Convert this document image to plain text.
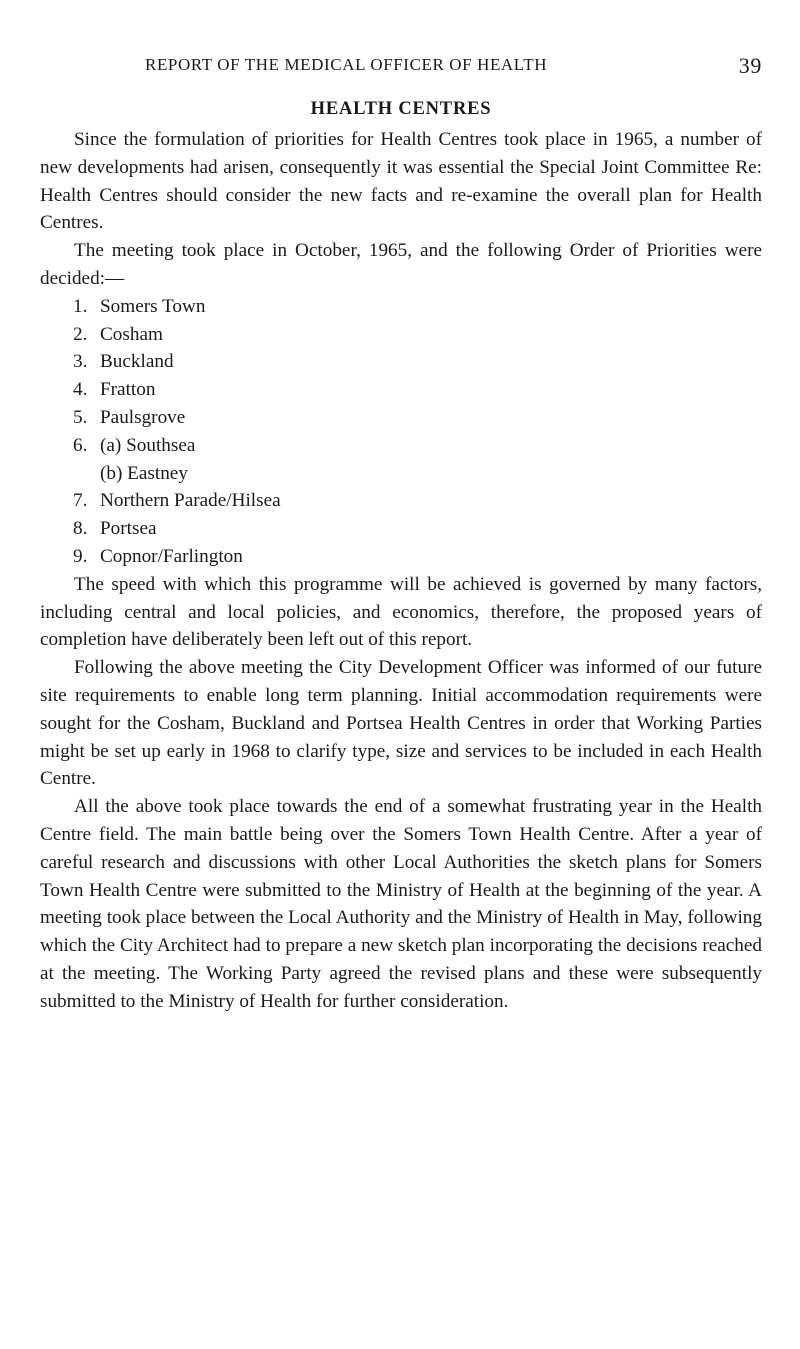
REPORT OF THE MEDICAL OFFICER OF HEALTH	39
HEALTH CENTRES

Since the formulation of priorities for Health Centres took place in 1965, a number of new developments had arisen, consequently it was essential the Special Joint Committee Re: Health Centres should consider the new facts and re-examine the overall plan for Health Centres.

The meeting took place in October, 1965, and the following Order of Priorities were decided:—

1. Somers Town
2. Cosham
3. Buckland
4. Fratton
5. Paulsgrove
6. (a) Southsea
(b) Eastney
7. Northern Parade/Hilsea
8. Portsea
9. Copnor/Farlington

The speed with which this programme will be achieved is governed by many factors, including central and local policies, and economics, therefore, the proposed years of completion have deliberately been left out of this report.

Following the above meeting the City Development Officer was informed of our future site requirements to enable long term planning. Initial accommodation requirements were sought for the Cosham, Buckland and Portsea Health Centres in order that Working Parties might be set up early in 1968 to clarify type, size and services to be included in each Health Centre.

All the above took place towards the end of a somewhat frustrating year in the Health Centre field. The main battle being over the Somers Town Health Centre. After a year of careful research and discussions with other Local Authorities the sketch plans for Somers Town Health Centre were submitted to the Ministry of Health at the beginning of the year. A meeting took place between the Local Authority and the Ministry of Health in May, following which the City Architect had to prepare a new sketch plan incorporating the decisions reached at the meeting. The Working Party agreed the revised plans and these were subsequently submitted to the Ministry of Health for further consideration.
